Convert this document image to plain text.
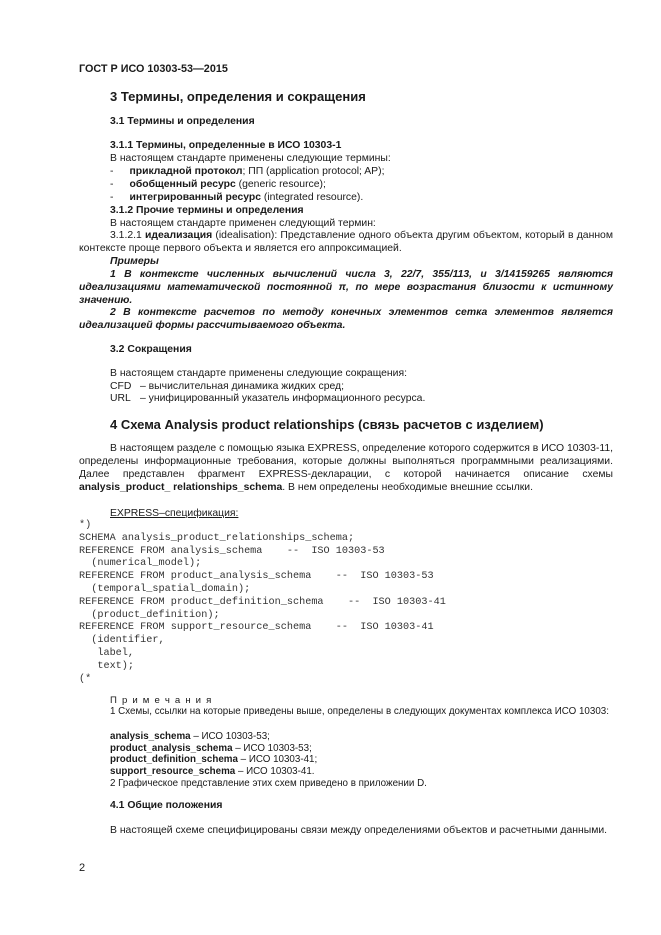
ГОСТ Р ИСО 10303-53—2015
3 Термины, определения и сокращения
3.1 Термины и определения
3.1.1 Термины, определенные в ИСО 10303-1
В настоящем стандарте применены следующие термины:
- прикладной протокол; ПП (application protocol; AP);
- обобщенный ресурс (generic resource);
- интегрированный ресурс (integrated resource).
3.1.2 Прочие термины и определения
В настоящем стандарте применен следующий термин:
3.1.2.1 идеализация (idealisation): Представление одного объекта другим объектом, который в данном контексте проще первого объекта и является его аппроксимацией.
Примеры
1 В контексте численных вычислений числа 3, 22/7, 355/113, и 3/14159265 являются идеализациями математической постоянной π, по мере возрастания близости к истинному значению.
2 В контексте расчетов по методу конечных элементов сетка элементов является идеализацией формы рассчитываемого объекта.
3.2 Сокращения
В настоящем стандарте применены следующие сокращения:
CFD – вычислительная динамика жидких сред;
URL – унифицированный указатель информационного ресурса.
4 Схема Analysis product relationships (связь расчетов с изделием)
В настоящем разделе с помощью языка EXPRESS, определение которого содержится в ИСО 10303-11, определены информационные требования, которые должны выполняться программными реализациями. Далее представлен фрагмент EXPRESS-декларации, с которой начинается описание схемы analysis_product_ relationships_schema. В нем определены необходимые внешние ссылки.
EXPRESS–спецификация:
*)
SCHEMA analysis_product_relationships_schema;
REFERENCE FROM analysis_schema    --  ISO 10303-53
(numerical_model);
REFERENCE FROM product_analysis_schema    --  ISO 10303-53
(temporal_spatial_domain);
REFERENCE FROM product_definition_schema    --  ISO 10303-41
(product_definition);
REFERENCE FROM support_resource_schema    --  ISO 10303-41
(identifier,
label,
text);
(*
П р и м е ч а н и я
1 Схемы, ссылки на которые приведены выше, определены в следующих документах комплекса ИСО 10303:
analysis_schema – ИСО 10303-53;
product_analysis_schema – ИСО 10303-53;
product_definition_schema – ИСО 10303-41;
support_resource_schema – ИСО 10303-41.
2 Графическое представление этих схем приведено в приложении D.
4.1 Общие положения
В настоящей схеме специфицированы связи между определениями объектов и расчетными данными.
2
